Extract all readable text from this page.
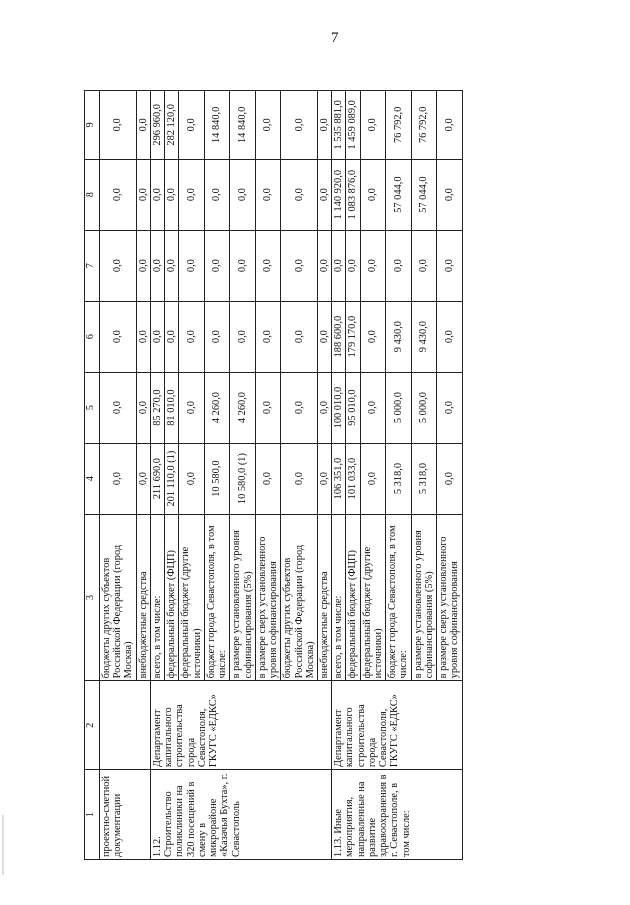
7
1	2	3	4	5	6	7	8	9
проектно-сметной документации		бюджеты других субъектов Российской Федерации (город Москва)	0,0	0,0	0,0	0,0	0,0	0,0
		внебюджетные средства	0,0	0,0	0,0	0,0	0,0	0,0
1.12. Строительство поликлиники на 320 посещений в смену в микрорайоне «Казачья Бухта», г. Севастополь	Департамент капитального строительства города Севастополя, ГКУГС «ЕДКС»	всего, в том числе:	211 690,0	85 270,0	0,0	0,0	0,0	296 960,0
		федеральный бюджет (ФЦП)	201 110,0 (1)	81 010,0	0,0	0,0	0,0	282 120,0
		федеральный бюджет (другие источники)	0,0	0,0	0,0	0,0	0,0	0,0
		бюджет города Севастополя, в том числе:	10 580,0	4 260,0	0,0	0,0	0,0	14 840,0
		в размере установленного уровня софинансирования (5%)	10 580,0 (1)	4 260,0	0,0	0,0	0,0	14 840,0
		в размере сверх установленного уровня софинансирования	0,0	0,0	0,0	0,0	0,0	0,0
		бюджеты других субъектов Российской Федерации (город Москва)	0,0	0,0	0,0	0,0	0,0	0,0
		внебюджетные средства	0,0	0,0	0,0	0,0	0,0	0,0
1.13. Иные мероприятия, направленные на развитие здравоохранения в г. Севастополе, в том числе:	Департамент капитального строительства города Севастополя, ГКУГС «ЕДКС»	всего, в том числе:	106 351,0	100 010,0	188 600,0	0,0	1 140 920,0	1 535 881,0
		федеральный бюджет (ФЦП)	101 033,0	95 010,0	179 170,0	0,0	1 083 876,0	1 459 089,0
		федеральный бюджет (другие источники)	0,0	0,0	0,0	0,0	0,0	0,0
		бюджет города Севастополя, в том числе:	5 318,0	5 000,0	9 430,0	0,0	57 044,0	76 792,0
		в размере установленного уровня софинансирования (5%)	5 318,0	5 000,0	9 430,0	0,0	57 044,0	76 792,0
		в размере сверх установленного уровня софинансирования	0,0	0,0	0,0	0,0	0,0	0,0
